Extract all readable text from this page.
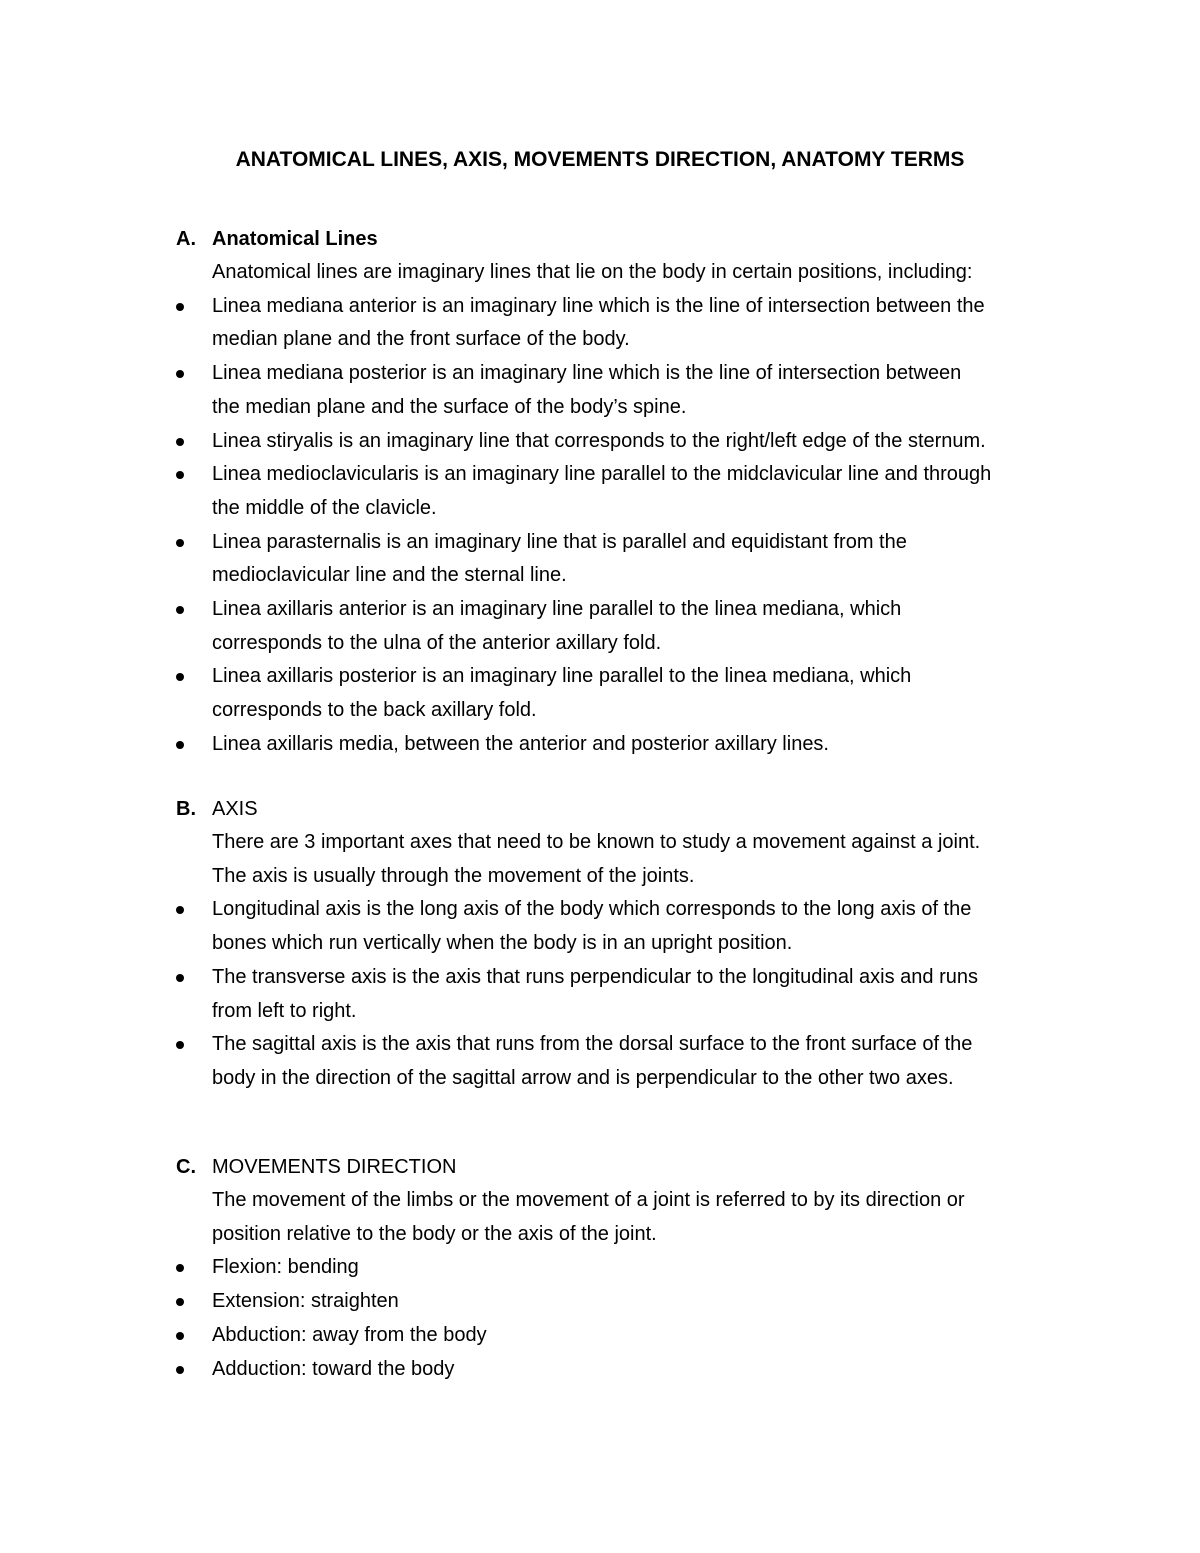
ANATOMICAL LINES, AXIS, MOVEMENTS DIRECTION, ANATOMY TERMS
A. Anatomical Lines
Anatomical lines are imaginary lines that lie on the body in certain positions, including:
Linea mediana anterior is an imaginary line which is the line of intersection between the
median plane and the front surface of the body.
Linea mediana posterior is an imaginary line which is the line of intersection between
the median plane and the surface of the body’s spine.
Linea stiryalis is an imaginary line that corresponds to the right/left edge of the sternum.
Linea medioclavicularis is an imaginary line parallel to the midclavicular line and through
the middle of the clavicle.
Linea parasternalis is an imaginary line that is parallel and equidistant from the
medioclavicular line and the sternal line.
Linea axillaris anterior is an imaginary line parallel to the linea mediana, which
corresponds to the ulna of the anterior axillary fold.
Linea axillaris posterior is an imaginary line parallel to the linea mediana, which
corresponds to the back axillary fold.
Linea axillaris media, between the anterior and posterior axillary lines.
B. AXIS
There are 3 important axes that need to be known to study a movement against a joint.
The axis is usually through the movement of the joints.
Longitudinal axis is the long axis of the body which corresponds to the long axis of the
bones which run vertically when the body is in an upright position.
The transverse axis is the axis that runs perpendicular to the longitudinal axis and runs
from left to right.
The sagittal axis is the axis that runs from the dorsal surface to the front surface of the
body in the direction of the sagittal arrow and is perpendicular to the other two axes.
C. MOVEMENTS DIRECTION
The movement of the limbs or the movement of a joint is referred to by its direction or
position relative to the body or the axis of the joint.
Flexion: bending
Extension: straighten
Abduction: away from the body
Adduction: toward the body
